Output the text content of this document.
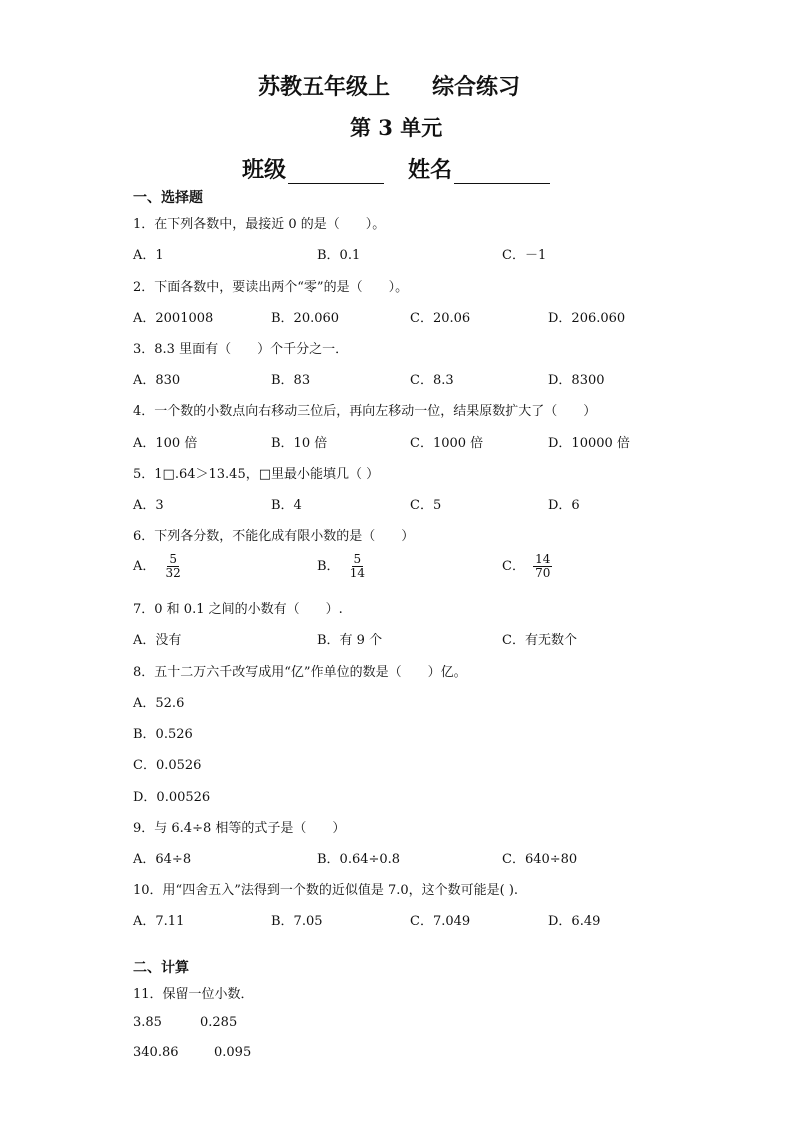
苏教五年级上 综合练习
第 3 单元
班级	姓名
一、选择题
1．在下列各数中，最接近 0 的是（　　）。
A．1	B．0.1	C．－1
2．下面各数中，要读出两个“零”的是（　　）。
A．2001008	B．20.060	C．20.06	D．206.060
3．8.3 里面有（　　）个千分之一．
A．830	B．83	C．8.3	D．8300
4．一个数的小数点向右移动三位后，再向左移动一位，结果原数扩大了（　　）
A．100 倍	B．10 倍	C．1000 倍	D．10000 倍
5．1□.64＞13.45，□里最小能填几（ ）
A．3	B．4	C．5	D．6
6．下列各分数，不能化成有限小数的是（　　）
A． $\frac{5}{32}$	B． $\frac{5}{14}$	C． $\frac{14}{70}$
7．0 和 0.1 之间的小数有（　　）.
A．没有	B．有 9 个	C．有无数个
8．五十二万六千改写成用“亿”作单位的数是（　　）亿。
A．52.6
B．0.526
C．0.0526
D．0.00526
9．与 6.4÷8 相等的式子是（　　）
A．64÷8	B．0.64÷0.8	C．640÷80
10．用“四舍五入”法得到一个数的近似值是 7.0，这个数可能是( ).
A．7.11	B．7.05	C．7.049	D．6.49
二、计算
11．保留一位小数．
3.85	0.285
340.86	0.095
